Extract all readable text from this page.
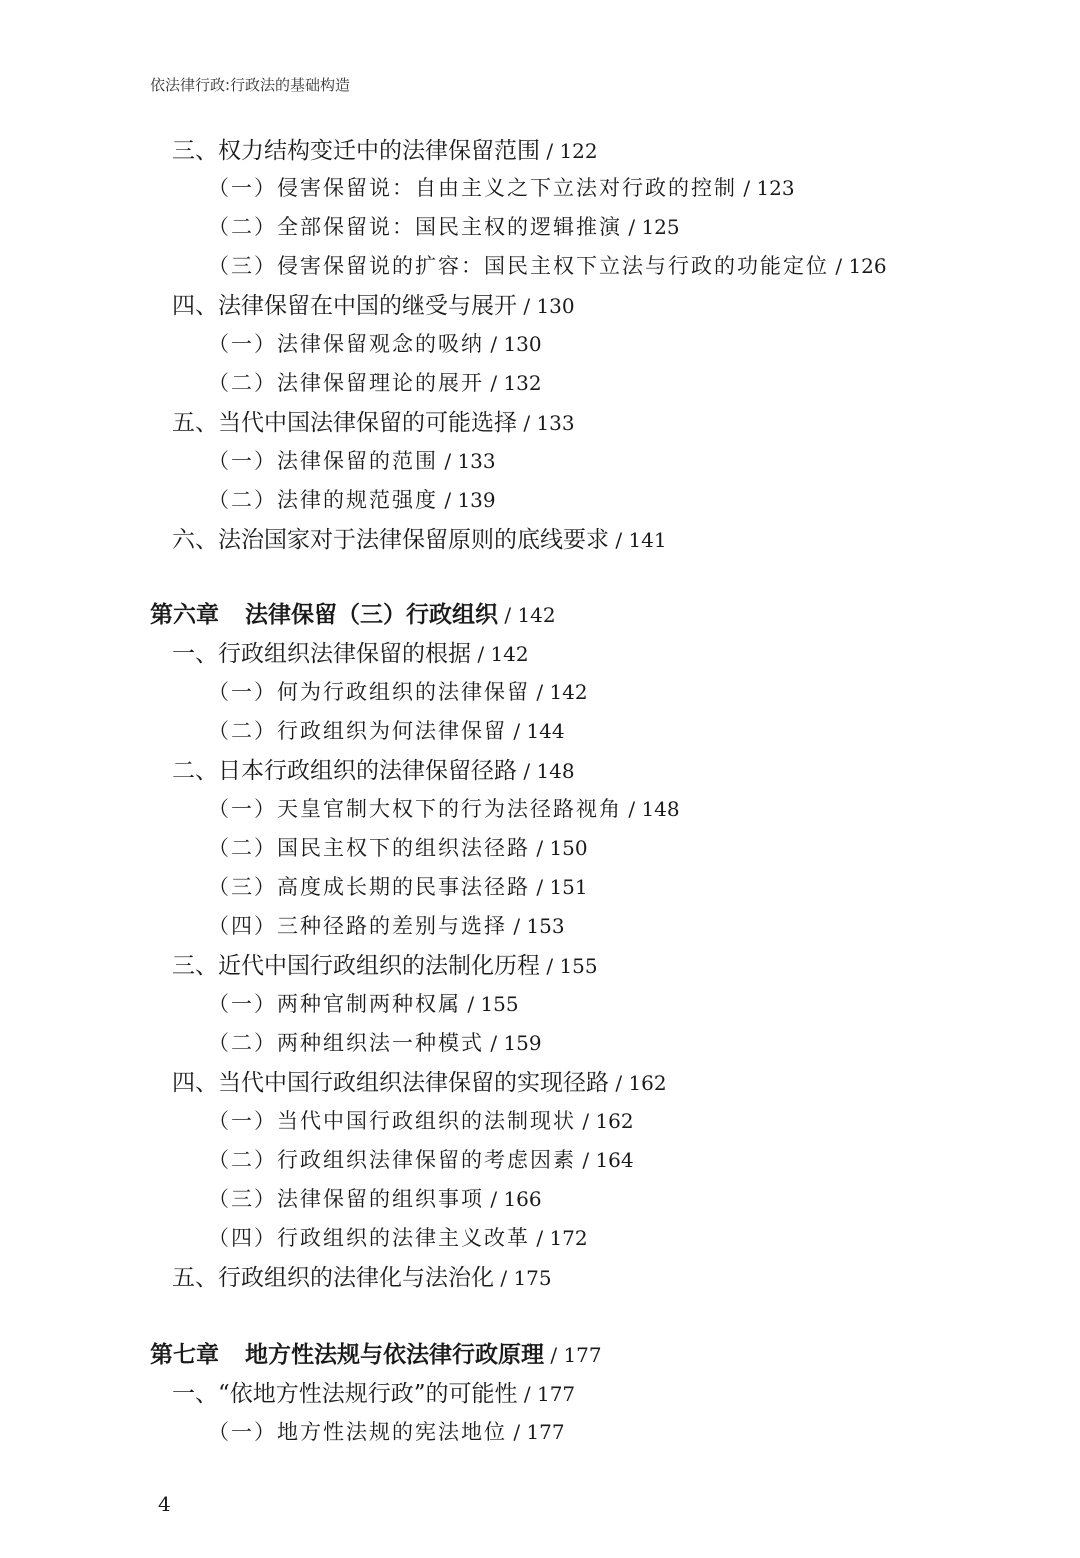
依法律行政:行政法的基础构造
三、权力结构变迁中的法律保留范围 / 122
（一）侵害保留说：自由主义之下立法对行政的控制 / 123
（二）全部保留说：国民主权的逻辑推演 / 125
（三）侵害保留说的扩容：国民主权下立法与行政的功能定位 / 126
四、法律保留在中国的继受与展开 / 130
（一）法律保留观念的吸纳 / 130
（二）法律保留理论的展开 / 132
五、当代中国法律保留的可能选择 / 133
（一）法律保留的范围 / 133
（二）法律的规范强度 / 139
六、法治国家对于法律保留原则的底线要求 / 141
第六章 法律保留（三）行政组织 / 142
一、行政组织法律保留的根据 / 142
（一）何为行政组织的法律保留 / 142
（二）行政组织为何法律保留 / 144
二、日本行政组织的法律保留径路 / 148
（一）天皇官制大权下的行为法径路视角 / 148
（二）国民主权下的组织法径路 / 150
（三）高度成长期的民事法径路 / 151
（四）三种径路的差别与选择 / 153
三、近代中国行政组织的法制化历程 / 155
（一）两种官制两种权属 / 155
（二）两种组织法一种模式 / 159
四、当代中国行政组织法律保留的实现径路 / 162
（一）当代中国行政组织的法制现状 / 162
（二）行政组织法律保留的考虑因素 / 164
（三）法律保留的组织事项 / 166
（四）行政组织的法律主义改革 / 172
五、行政组织的法律化与法治化 / 175
第七章 地方性法规与依法律行政原理 / 177
一、“依地方性法规行政”的可能性 / 177
（一）地方性法规的宪法地位 / 177
4
